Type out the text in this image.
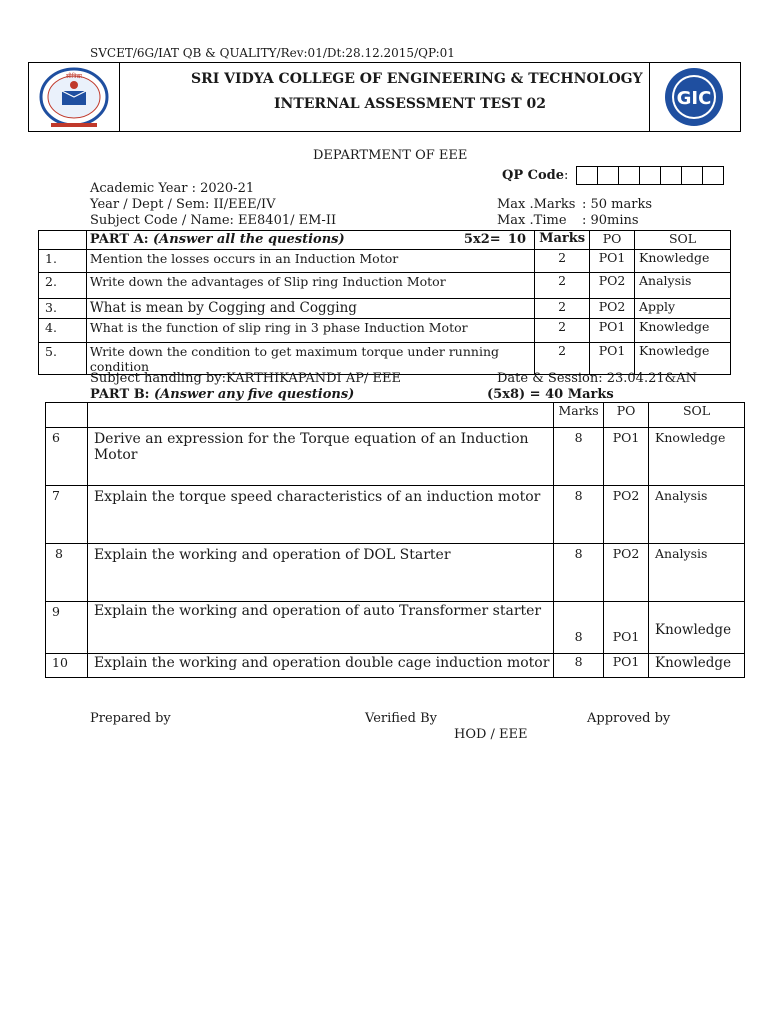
SVCET/6G/IAT QB & QUALITY/Rev:01/Dt:28.12.2015/QP:01
स्रीविद्या	SRI VIDYA COLLEGE OF ENGINEERING & TECHNOLOGY
INTERNAL ASSESSMENT TEST 02	GIC
DEPARTMENT OF EEE
QP Code:
Academic Year : 2020-21
Year / Dept / Sem: II/EEE/IV
Subject Code / Name: EE8401/ EM-II
Max .Marks : 50 marks
Max .Time : 90mins

	PART A: (Answer all the questions) 5x2= 10	Marks	PO	SOL
1.	Mention the losses occurs in an Induction Motor	2	PO1	Knowledge
2.	Write down the advantages of Slip ring Induction Motor	2	PO2	Analysis
3.	What is mean by Cogging and Cogging	2	PO2	Apply
4.	What is the function of slip ring in 3 phase Induction Motor	2	PO1	Knowledge
5.	Write down the condition to get maximum torque under running condition	2	PO1	Knowledge
Subject handling by:KARTHIKAPANDI AP/ EEE	Date & Session: 23.04.21&AN
PART B: (Answer any five questions)	(5x8) = 40 Marks
		Marks	PO	SOL
6	Derive an expression for the Torque equation of an Induction Motor	8	PO1	Knowledge
7	Explain the torque speed characteristics of an induction motor	8	PO2	Analysis
8	Explain the working and operation of DOL Starter	8	PO2	Analysis
9	Explain the working and operation of auto Transformer starter	8	PO1	Knowledge
10	Explain the working and operation double cage induction motor	8	PO1	Knowledge
Prepared by	Verified By	Approved by
HOD / EEE
